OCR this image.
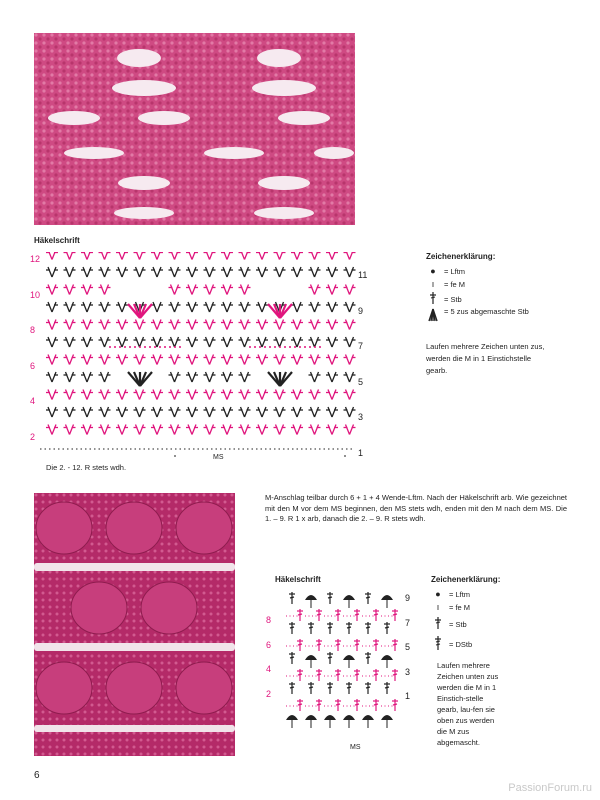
Häkelschrift
12
10
8
6
4
2
11
9
7
5
3
1
MS
Die 2. - 12. R stets wdh.
Zeichenerklärung:
●	= Lftm
ı	= fe M
= Stb
= 5 zus abgemaschte Stb
Laufen mehrere Zeichen unten zus, werden die M in 1 Einstichstelle gearb.
M-Anschlag teilbar durch 6 + 1 + 4 Wende-Lftm. Nach der Häkelschrift arb. Wie gezeichnet mit den M vor dem MS beginnen, den MS stets wdh, enden mit den M nach dem MS. Die 1. – 9. R 1 x arb, danach die 2. – 9. R stets wdh.
Häkelschrift
8
6
4
2
9
7
5
3
1
MS
Zeichenerklärung:
●	= Lftm
ı	= fe M
= Stb
= DStb
Laufen mehrere Zeichen unten zus werden die M in 1 Einstich-stelle gearb, lau-fen sie oben zus werden die M zus abgemascht.
6
PassionForum.ru
